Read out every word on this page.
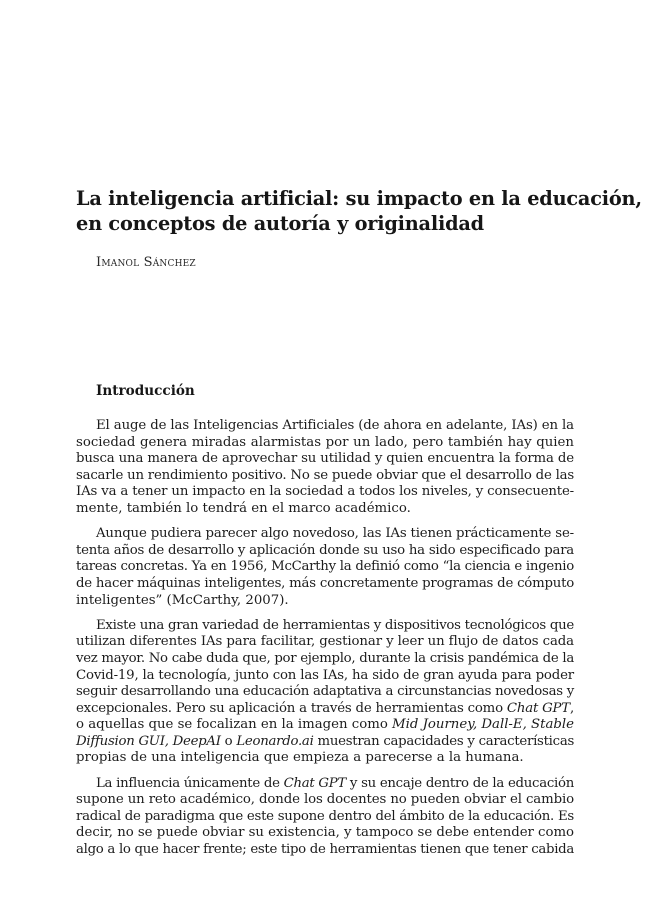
La inteligencia artificial: su impacto en la educación,
en conceptos de autoría y originalidad
Imanol Sánchez
Introducción

El auge de las Inteligencias Artificiales (de ahora en adelante, IAs) en la
sociedad genera miradas alarmistas por un lado, pero también hay quien
busca una manera de aprovechar su utilidad y quien encuentra la forma de
sacarle un rendimiento positivo. No se puede obviar que el desarrollo de las
IAs va a tener un impacto en la sociedad a todos los niveles, y consecuente-
mente, también lo tendrá en el marco académico.

Aunque pudiera parecer algo novedoso, las IAs tienen prácticamente se-
tenta años de desarrollo y aplicación donde su uso ha sido especificado para
tareas concretas. Ya en 1956, McCarthy la definió como “la ciencia e ingenio
de hacer máquinas inteligentes, más concretamente programas de cómputo
inteligentes” (McCarthy, 2007).

Existe una gran variedad de herramientas y dispositivos tecnológicos que
utilizan diferentes IAs para facilitar, gestionar y leer un flujo de datos cada
vez mayor. No cabe duda que, por ejemplo, durante la crisis pandémica de la
Covid-19, la tecnología, junto con las IAs, ha sido de gran ayuda para poder
seguir desarrollando una educación adaptativa a circunstancias novedosas y
excepcionales. Pero su aplicación a través de herramientas como Chat GPT,
o aquellas que se focalizan en la imagen como Mid Journey, Dall-E, Stable
Diffusion GUI, DeepAI o Leonardo.ai muestran capacidades y características
propias de una inteligencia que empieza a parecerse a la humana.

La influencia únicamente de Chat GPT y su encaje dentro de la educación
supone un reto académico, donde los docentes no pueden obviar el cambio
radical de paradigma que este supone dentro del ámbito de la educación. Es
decir, no se puede obviar su existencia, y tampoco se debe entender como
algo a lo que hacer frente; este tipo de herramientas tienen que tener cabida
